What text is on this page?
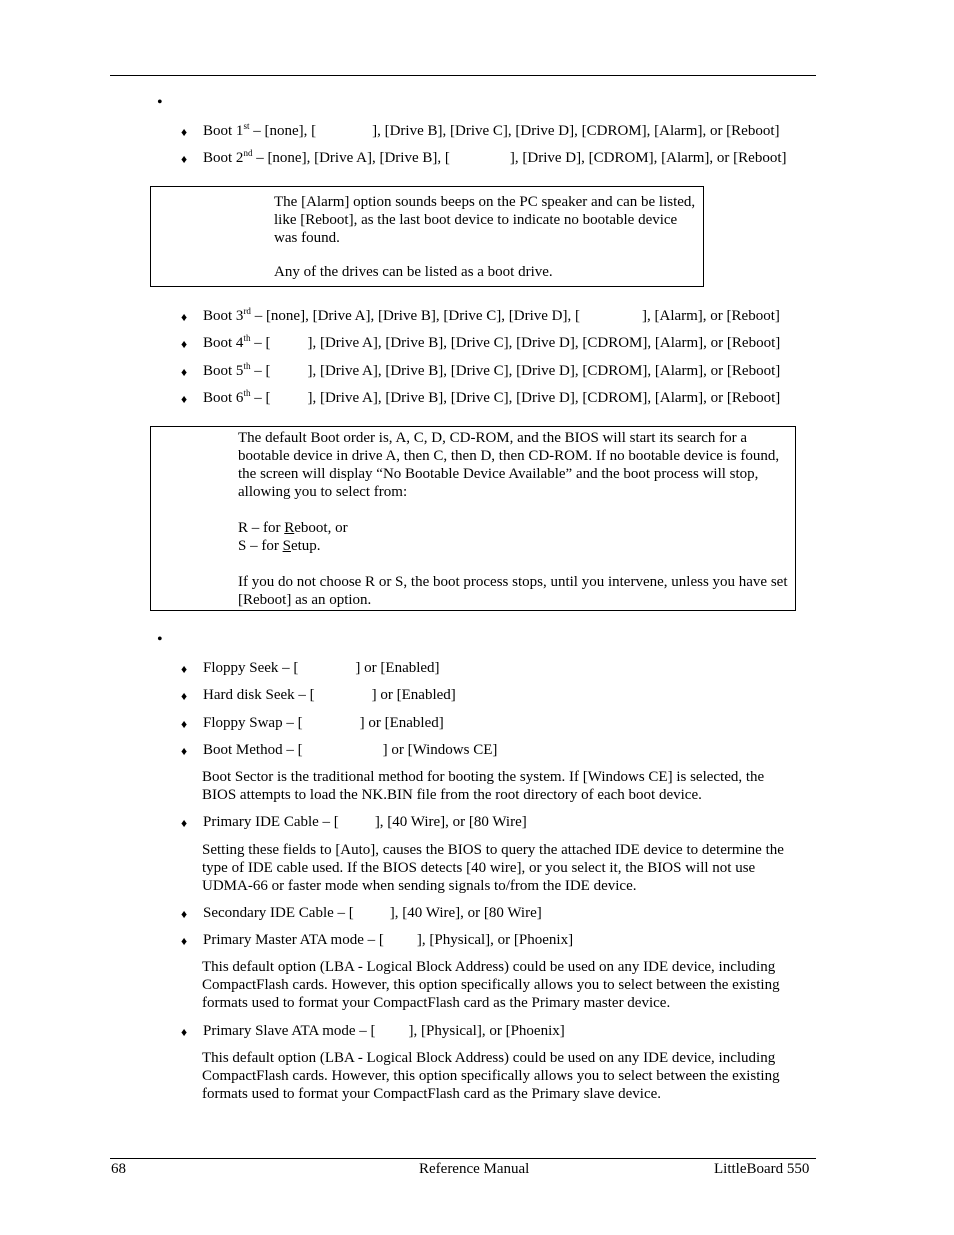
•
♦ Boot 1st – [none], [	], [Drive B], [Drive C], [Drive D], [CDROM], [Alarm], or [Reboot]
♦ Boot 2nd – [none], [Drive A], [Drive B], [	], [Drive D], [CDROM], [Alarm], or [Reboot]
The [Alarm] option sounds beeps on the PC speaker and can be listed, like [Reboot], as the last boot device to indicate no bootable device was found.
Any of the drives can be listed as a boot drive.
♦ Boot 3rd – [none], [Drive A], [Drive B], [Drive C], [Drive D], [	], [Alarm], or [Reboot]
♦ Boot 4th – [ ], [Drive A], [Drive B], [Drive C], [Drive D], [CDROM], [Alarm], or [Reboot]
♦ Boot 5th – [ ], [Drive A], [Drive B], [Drive C], [Drive D], [CDROM], [Alarm], or [Reboot]
♦ Boot 6th – [ ], [Drive A], [Drive B], [Drive C], [Drive D], [CDROM], [Alarm], or [Reboot]
The default Boot order is, A, C, D, CD-ROM, and the BIOS will start its search for a bootable device in drive A, then C, then D, then CD-ROM. If no bootable device is found, the screen will display “No Bootable Device Available” and the boot process will stop, allowing you to select from:
R – for Reboot, or
S – for Setup.
If you do not choose R or S, the boot process stops, until you intervene, unless you have set [Reboot] as an option.
•
♦ Floppy Seek – [	] or [Enabled]
♦ Hard disk Seek – [	] or [Enabled]
♦ Floppy Swap – [	] or [Enabled]
♦ Boot Method – [	] or [Windows CE]
Boot Sector is the traditional method for booting the system. If [Windows CE] is selected, the BIOS attempts to load the NK.BIN file from the root directory of each boot device.
♦ Primary IDE Cable – [ ], [40 Wire], or [80 Wire]
Setting these fields to [Auto], causes the BIOS to query the attached IDE device to determine the type of IDE cable used. If the BIOS detects [40 wire], or you select it, the BIOS will not use UDMA-66 or faster mode when sending signals to/from the IDE device.
♦ Secondary IDE Cable – [ ], [40 Wire], or [80 Wire]
♦ Primary Master ATA mode – [ ], [Physical], or [Phoenix]
This default option (LBA - Logical Block Address) could be used on any IDE device, including CompactFlash cards. However, this option specifically allows you to select between the existing formats used to format your CompactFlash card as the Primary master device.
♦ Primary Slave ATA mode – [ ], [Physical], or [Phoenix]
This default option (LBA - Logical Block Address) could be used on any IDE device, including CompactFlash cards. However, this option specifically allows you to select between the existing formats used to format your CompactFlash card as the Primary slave device.
68	Reference Manual	LittleBoard 550
